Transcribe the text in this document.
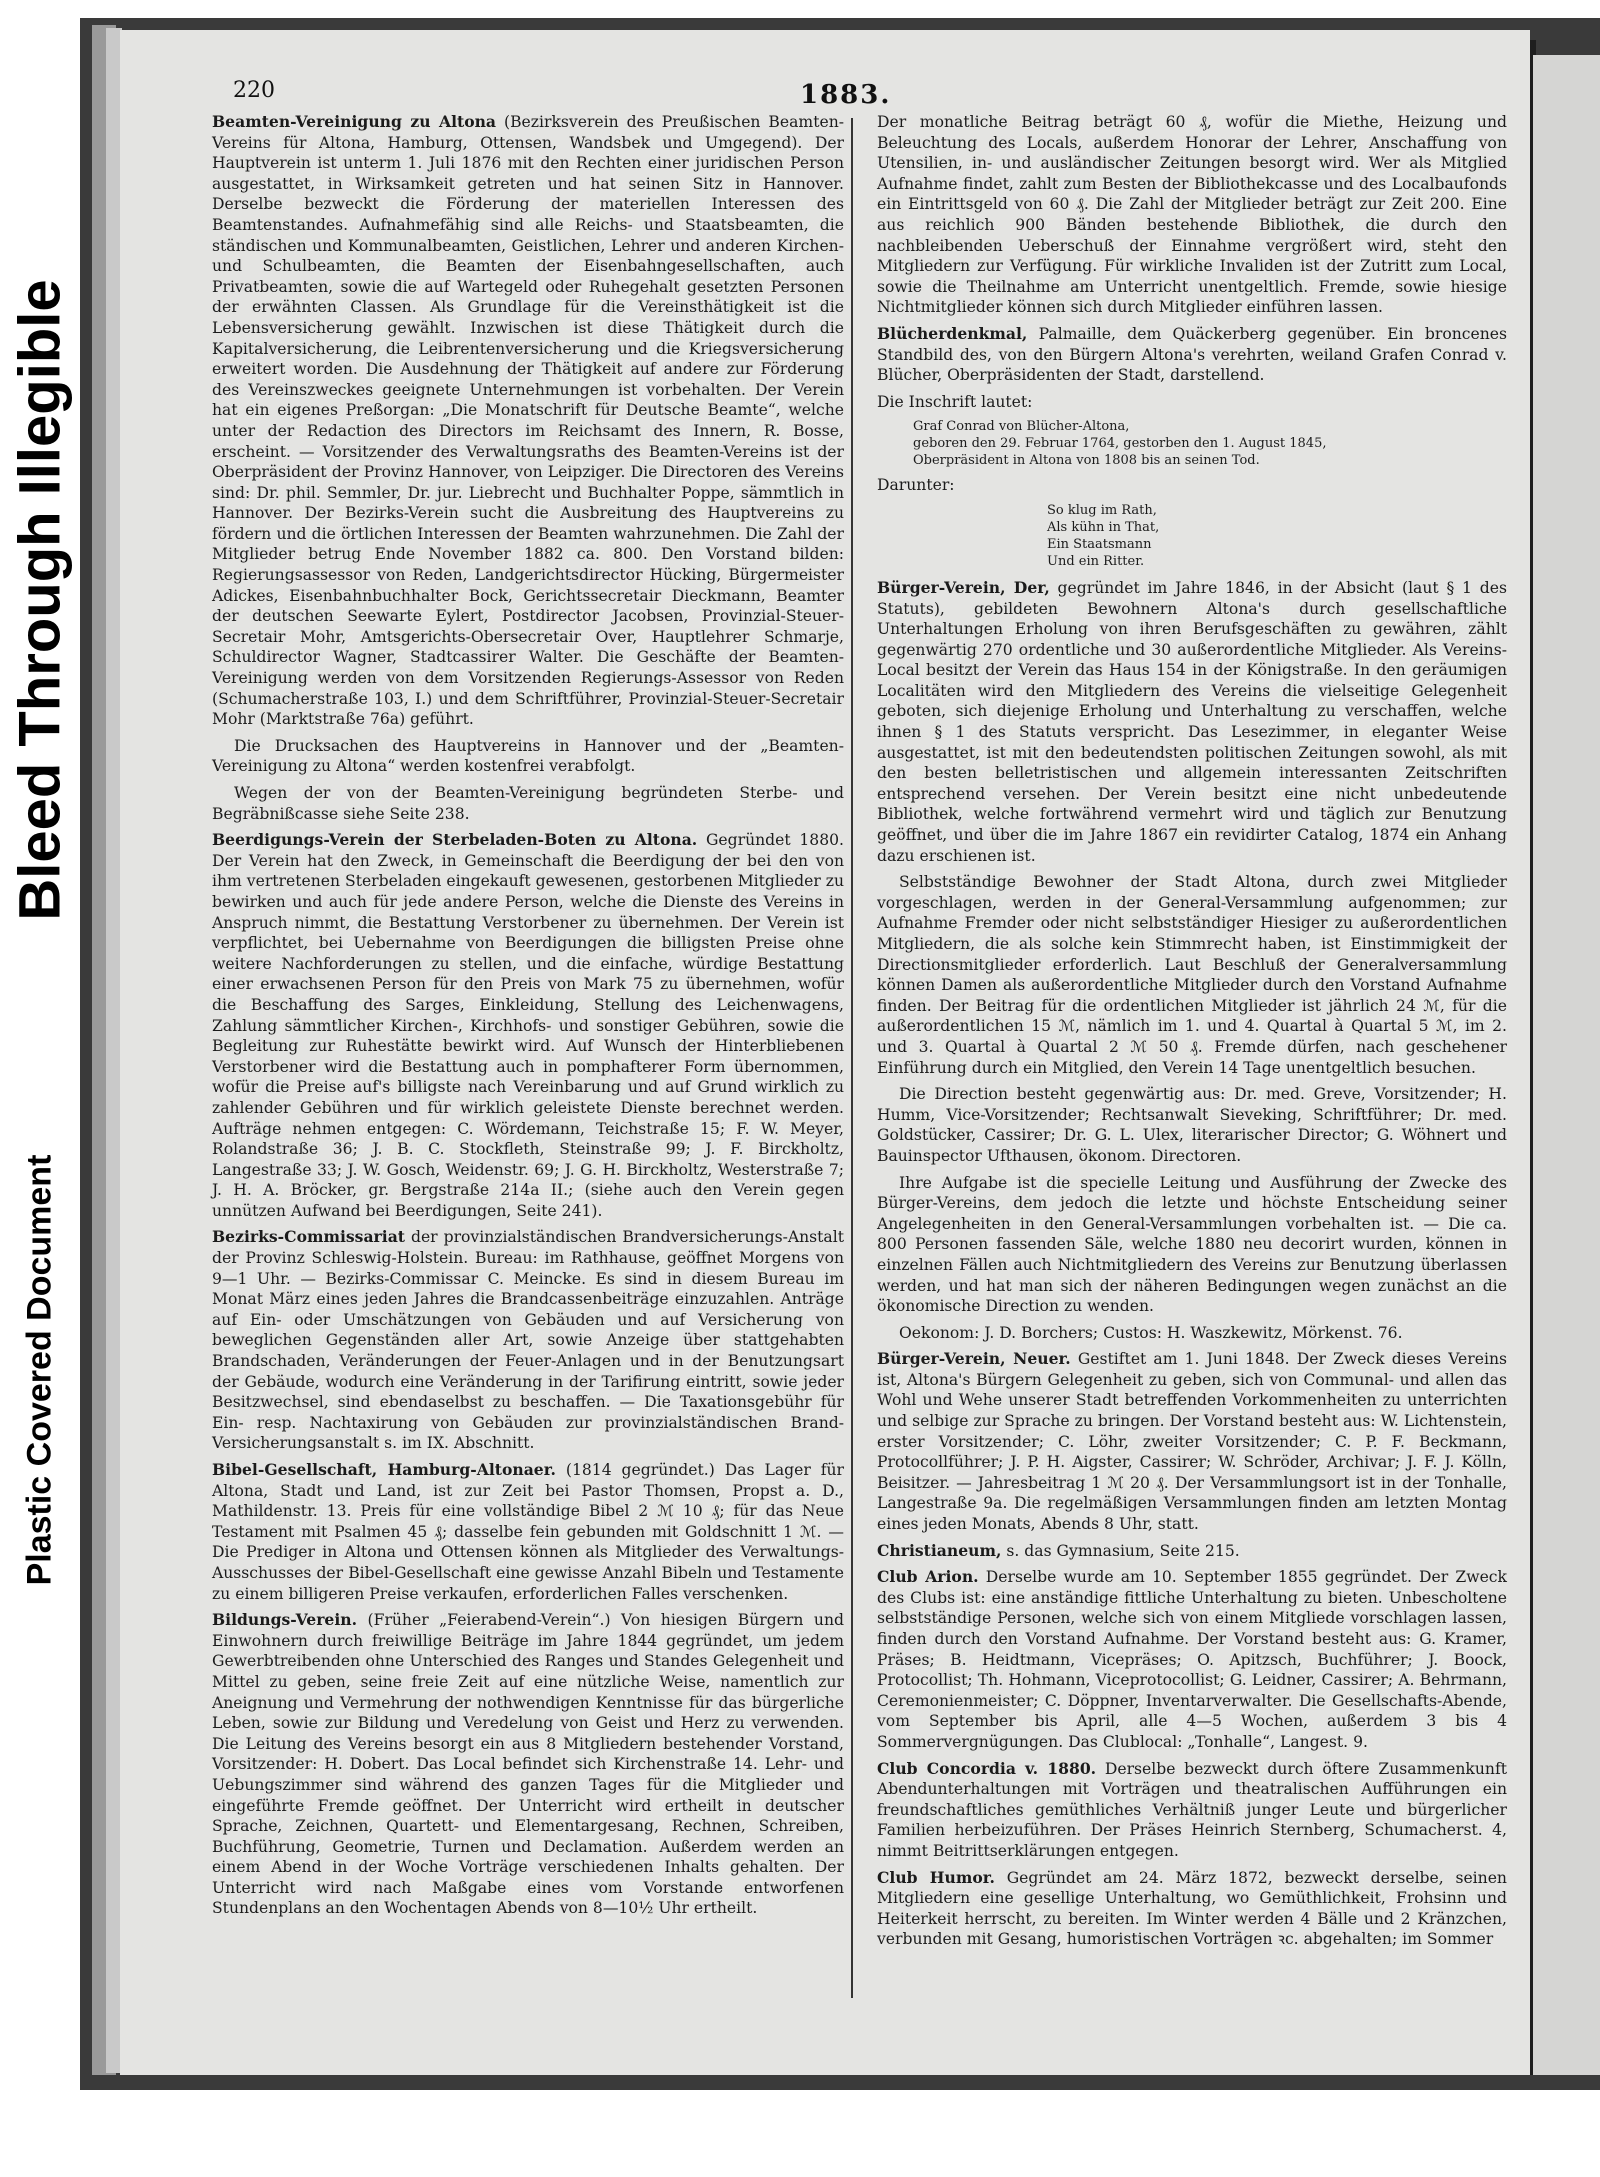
Bleed Through Illegible
Plastic Covered Document
220	1883.

Beamten-Vereinigung zu Altona (Bezirksverein des Preußischen Beamten-Vereins für Altona, Hamburg, Ottensen, Wandsbek und Umgegend). Der Hauptverein ist unterm 1. Juli 1876 mit den Rechten einer juridischen Person ausgestattet, in Wirksamkeit getreten und hat seinen Sitz in Hannover. Derselbe bezweckt die Förderung der materiellen Interessen des Beamtenstandes. Aufnahmefähig sind alle Reichs- und Staatsbeamten, die ständischen und Kommunalbeamten, Geistlichen, Lehrer und anderen Kirchen- und Schulbeamten, die Beamten der Eisenbahngesellschaften, auch Privatbeamten, sowie die auf Wartegeld oder Ruhegehalt gesetzten Personen der erwähnten Classen. Als Grundlage für die Vereinsthätigkeit ist die Lebensversicherung gewählt. Inzwischen ist diese Thätigkeit durch die Kapitalversicherung, die Leibrentenversicherung und die Kriegsversicherung erweitert worden. Die Ausdehnung der Thätigkeit auf andere zur Förderung des Vereinszweckes geeignete Unternehmungen ist vorbehalten. Der Verein hat ein eigenes Preßorgan: „Die Monatschrift für Deutsche Beamte“, welche unter der Redaction des Directors im Reichsamt des Innern, R. Bosse, erscheint. — Vorsitzender des Verwaltungsraths des Beamten-Vereins ist der Oberpräsident der Provinz Hannover, von Leipziger. Die Directoren des Vereins sind: Dr. phil. Semmler, Dr. jur. Liebrecht und Buchhalter Poppe, sämmtlich in Hannover. Der Bezirks-Verein sucht die Ausbreitung des Hauptvereins zu fördern und die örtlichen Interessen der Beamten wahrzunehmen. Die Zahl der Mitglieder betrug Ende November 1882 ca. 800. Den Vorstand bilden: Regierungsassessor von Reden, Landgerichtsdirector Hücking, Bürgermeister Adickes, Eisenbahnbuchhalter Bock, Gerichtssecretair Dieckmann, Beamter der deutschen Seewarte Eylert, Postdirector Jacobsen, Provinzial-Steuer-Secretair Mohr, Amtsgerichts-Obersecretair Over, Hauptlehrer Schmarje, Schuldirector Wagner, Stadtcassirer Walter. Die Geschäfte der Beamten-Vereinigung werden von dem Vorsitzenden Regierungs-Assessor von Reden (Schumacherstraße 103, I.) und dem Schriftführer, Provinzial-Steuer-Secretair Mohr (Marktstraße 76a) geführt.

Die Drucksachen des Hauptvereins in Hannover und der „Beamten-Vereinigung zu Altona“ werden kostenfrei verabfolgt.

Wegen der von der Beamten-Vereinigung begründeten Sterbe- und Begräbnißcasse siehe Seite 238.

Beerdigungs-Verein der Sterbeladen-Boten zu Altona. Gegründet 1880. Der Verein hat den Zweck, in Gemeinschaft die Beerdigung der bei den von ihm vertretenen Sterbeladen eingekauft gewesenen, gestorbenen Mitglieder zu bewirken und auch für jede andere Person, welche die Dienste des Vereins in Anspruch nimmt, die Bestattung Verstorbener zu übernehmen. Der Verein ist verpflichtet, bei Uebernahme von Beerdigungen die billigsten Preise ohne weitere Nachforderungen zu stellen, und die einfache, würdige Bestattung einer erwachsenen Person für den Preis von Mark 75 zu übernehmen, wofür die Beschaffung des Sarges, Einkleidung, Stellung des Leichenwagens, Zahlung sämmtlicher Kirchen-, Kirchhofs- und sonstiger Gebühren, sowie die Begleitung zur Ruhestätte bewirkt wird. Auf Wunsch der Hinterbliebenen Verstorbener wird die Bestattung auch in pomphafterer Form übernommen, wofür die Preise auf's billigste nach Vereinbarung und auf Grund wirklich zu zahlender Gebühren und für wirklich geleistete Dienste berechnet werden. Aufträge nehmen entgegen: C. Wördemann, Teichstraße 15; F. W. Meyer, Rolandstraße 36; J. B. C. Stockfleth, Steinstraße 99; J. F. Birckholtz, Langestraße 33; J. W. Gosch, Weidenstr. 69; J. G. H. Birckholtz, Westerstraße 7; J. H. A. Bröcker, gr. Bergstraße 214a II.; (siehe auch den Verein gegen unnützen Aufwand bei Beerdigungen, Seite 241).

Bezirks-Commissariat der provinzialständischen Brandversicherungs-Anstalt der Provinz Schleswig-Holstein. Bureau: im Rathhause, geöffnet Morgens von 9—1 Uhr. — Bezirks-Commissar C. Meincke. Es sind in diesem Bureau im Monat März eines jeden Jahres die Brandcassenbeiträge einzuzahlen. Anträge auf Ein- oder Umschätzungen von Gebäuden und auf Versicherung von beweglichen Gegenständen aller Art, sowie Anzeige über stattgehabten Brandschaden, Veränderungen der Feuer-Anlagen und in der Benutzungsart der Gebäude, wodurch eine Veränderung in der Tarifirung eintritt, sowie jeder Besitzwechsel, sind ebendaselbst zu beschaffen. — Die Taxationsgebühr für Ein- resp. Nachtaxirung von Gebäuden zur provinzialständischen Brand-Versicherungsanstalt s. im IX. Abschnitt.

Bibel-Gesellschaft, Hamburg-Altonaer. (1814 gegründet.) Das Lager für Altona, Stadt und Land, ist zur Zeit bei Pastor Thomsen, Propst a. D., Mathildenstr. 13. Preis für eine vollständige Bibel 2 ℳ 10 ₰; für das Neue Testament mit Psalmen 45 ₰; dasselbe fein gebunden mit Goldschnitt 1 ℳ. — Die Prediger in Altona und Ottensen können als Mitglieder des Verwaltungs-Ausschusses der Bibel-Gesellschaft eine gewisse Anzahl Bibeln und Testamente zu einem billigeren Preise verkaufen, erforderlichen Falles verschenken.

Bildungs-Verein. (Früher „Feierabend-Verein“.) Von hiesigen Bürgern und Einwohnern durch freiwillige Beiträge im Jahre 1844 gegründet, um jedem Gewerbtreibenden ohne Unterschied des Ranges und Standes Gelegenheit und Mittel zu geben, seine freie Zeit auf eine nützliche Weise, namentlich zur Aneignung und Vermehrung der nothwendigen Kenntnisse für das bürgerliche Leben, sowie zur Bildung und Veredelung von Geist und Herz zu verwenden. Die Leitung des Vereins besorgt ein aus 8 Mitgliedern bestehender Vorstand, Vorsitzender: H. Dobert. Das Local befindet sich Kirchenstraße 14. Lehr- und Uebungszimmer sind während des ganzen Tages für die Mitglieder und eingeführte Fremde geöffnet. Der Unterricht wird ertheilt in deutscher Sprache, Zeichnen, Quartett- und Elementargesang, Rechnen, Schreiben, Buchführung, Geometrie, Turnen und Declamation. Außerdem werden an einem Abend in der Woche Vorträge verschiedenen Inhalts gehalten. Der Unterricht wird nach Maßgabe eines vom Vorstande entworfenen Stundenplans an den Wochentagen Abends von 8—10½ Uhr ertheilt.

Der monatliche Beitrag beträgt 60 ₰, wofür die Miethe, Heizung und Beleuchtung des Locals, außerdem Honorar der Lehrer, Anschaffung von Utensilien, in- und ausländischer Zeitungen besorgt wird. Wer als Mitglied Aufnahme findet, zahlt zum Besten der Bibliothekcasse und des Localbaufonds ein Eintrittsgeld von 60 ₰. Die Zahl der Mitglieder beträgt zur Zeit 200. Eine aus reichlich 900 Bänden bestehende Bibliothek, die durch den nachbleibenden Ueberschuß der Einnahme vergrößert wird, steht den Mitgliedern zur Verfügung. Für wirkliche Invaliden ist der Zutritt zum Local, sowie die Theilnahme am Unterricht unentgeltlich. Fremde, sowie hiesige Nichtmitglieder können sich durch Mitglieder einführen lassen.

Blücherdenkmal, Palmaille, dem Quäckerberg gegenüber. Ein broncenes Standbild des, von den Bürgern Altona's verehrten, weiland Grafen Conrad v. Blücher, Oberpräsidenten der Stadt, darstellend.

Die Inschrift lautet:

Graf Conrad von Blücher-Altona,
geboren den 29. Februar 1764, gestorben den 1. August 1845,
Oberpräsident in Altona von 1808 bis an seinen Tod.

Darunter:

So klug im Rath,
Als kühn in That,
Ein Staatsmann
Und ein Ritter.

Bürger-Verein, Der, gegründet im Jahre 1846, in der Absicht (laut § 1 des Statuts), gebildeten Bewohnern Altona's durch gesellschaftliche Unterhaltungen Erholung von ihren Berufsgeschäften zu gewähren, zählt gegenwärtig 270 ordentliche und 30 außerordentliche Mitglieder. Als Vereins-Local besitzt der Verein das Haus 154 in der Königstraße. In den geräumigen Localitäten wird den Mitgliedern des Vereins die vielseitige Gelegenheit geboten, sich diejenige Erholung und Unterhaltung zu verschaffen, welche ihnen § 1 des Statuts verspricht. Das Lesezimmer, in eleganter Weise ausgestattet, ist mit den bedeutendsten politischen Zeitungen sowohl, als mit den besten belletristischen und allgemein interessanten Zeitschriften entsprechend versehen. Der Verein besitzt eine nicht unbedeutende Bibliothek, welche fortwährend vermehrt wird und täglich zur Benutzung geöffnet, und über die im Jahre 1867 ein revidirter Catalog, 1874 ein Anhang dazu erschienen ist.

Selbstständige Bewohner der Stadt Altona, durch zwei Mitglieder vorgeschlagen, werden in der General-Versammlung aufgenommen; zur Aufnahme Fremder oder nicht selbstständiger Hiesiger zu außerordentlichen Mitgliedern, die als solche kein Stimmrecht haben, ist Einstimmigkeit der Directionsmitglieder erforderlich. Laut Beschluß der Generalversammlung können Damen als außerordentliche Mitglieder durch den Vorstand Aufnahme finden. Der Beitrag für die ordentlichen Mitglieder ist jährlich 24 ℳ, für die außerordentlichen 15 ℳ, nämlich im 1. und 4. Quartal à Quartal 5 ℳ, im 2. und 3. Quartal à Quartal 2 ℳ 50 ₰. Fremde dürfen, nach geschehener Einführung durch ein Mitglied, den Verein 14 Tage unentgeltlich besuchen.

Die Direction besteht gegenwärtig aus: Dr. med. Greve, Vorsitzender; H. Humm, Vice-Vorsitzender; Rechtsanwalt Sieveking, Schriftführer; Dr. med. Goldstücker, Cassirer; Dr. G. L. Ulex, literarischer Director; G. Wöhnert und Bauinspector Ufthausen, ökonom. Directoren.

Ihre Aufgabe ist die specielle Leitung und Ausführung der Zwecke des Bürger-Vereins, dem jedoch die letzte und höchste Entscheidung seiner Angelegenheiten in den General-Versammlungen vorbehalten ist. — Die ca. 800 Personen fassenden Säle, welche 1880 neu decorirt wurden, können in einzelnen Fällen auch Nichtmitgliedern des Vereins zur Benutzung überlassen werden, und hat man sich der näheren Bedingungen wegen zunächst an die ökonomische Direction zu wenden.

Oekonom: J. D. Borchers; Custos: H. Waszkewitz, Mörkenst. 76.

Bürger-Verein, Neuer. Gestiftet am 1. Juni 1848. Der Zweck dieses Vereins ist, Altona's Bürgern Gelegenheit zu geben, sich von Communal- und allen das Wohl und Wehe unserer Stadt betreffenden Vorkommenheiten zu unterrichten und selbige zur Sprache zu bringen. Der Vorstand besteht aus: W. Lichtenstein, erster Vorsitzender; C. Löhr, zweiter Vorsitzender; C. P. F. Beckmann, Protocollführer; J. P. H. Aigster, Cassirer; W. Schröder, Archivar; J. F. J. Kölln, Beisitzer. — Jahresbeitrag 1 ℳ 20 ₰. Der Versammlungsort ist in der Tonhalle, Langestraße 9a. Die regelmäßigen Versammlungen finden am letzten Montag eines jeden Monats, Abends 8 Uhr, statt.

Christianeum, s. das Gymnasium, Seite 215.

Club Arion. Derselbe wurde am 10. September 1855 gegründet. Der Zweck des Clubs ist: eine anständige fittliche Unterhaltung zu bieten. Unbescholtene selbstständige Personen, welche sich von einem Mitgliede vorschlagen lassen, finden durch den Vorstand Aufnahme. Der Vorstand besteht aus: G. Kramer, Präses; B. Heidtmann, Vicepräses; O. Apitzsch, Buchführer; J. Boock, Protocollist; Th. Hohmann, Viceprotocollist; G. Leidner, Cassirer; A. Behrmann, Ceremonienmeister; C. Döppner, Inventarverwalter. Die Gesellschafts-Abende, vom September bis April, alle 4—5 Wochen, außerdem 3 bis 4 Sommervergnügungen. Das Clublocal: „Tonhalle“, Langest. 9.

Club Concordia v. 1880. Derselbe bezweckt durch öftere Zusammenkunft Abendunterhaltungen mit Vorträgen und theatralischen Aufführungen ein freundschaftliches gemüthliches Verhältniß junger Leute und bürgerlicher Familien herbeizuführen. Der Präses Heinrich Sternberg, Schumacherst. 4, nimmt Beitrittserklärungen entgegen.

Club Humor. Gegründet am 24. März 1872, bezweckt derselbe, seinen Mitgliedern eine gesellige Unterhaltung, wo Gemüthlichkeit, Frohsinn und Heiterkeit herrscht, zu bereiten. Im Winter werden 4 Bälle und 2 Kränzchen, verbunden mit Gesang, humoristischen Vorträgen ꝛc. abgehalten; im Sommer
